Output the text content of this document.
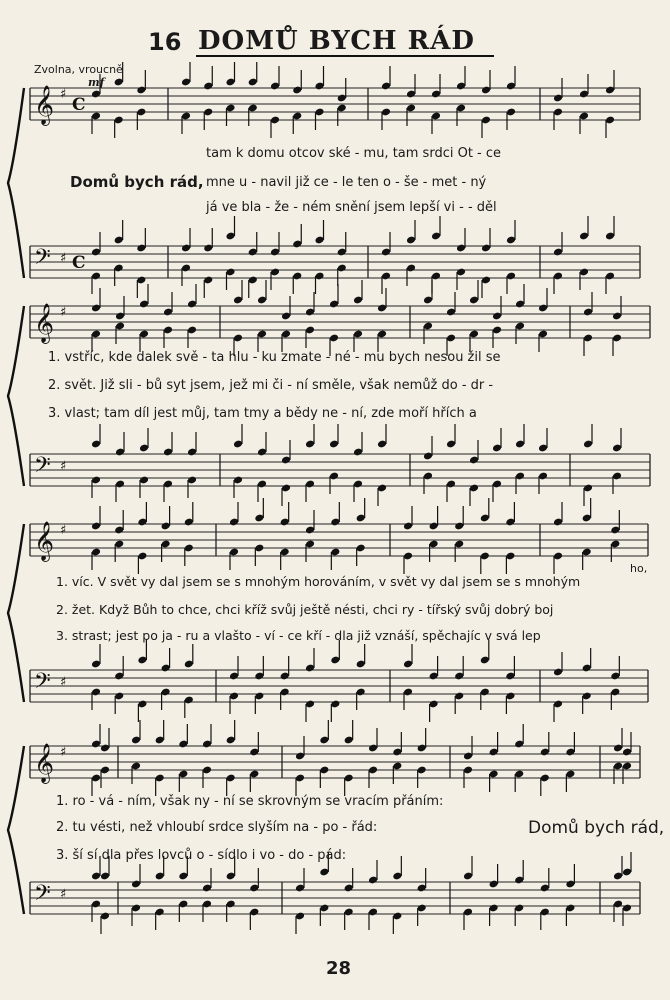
𝄞 ♯
C
𝄢 ♯ C
𝄞 ♯
𝄢 ♯
𝄞 ♯
𝄢 ♯
𝄞 ♯
𝄢 ♯
16 DOMŮ BYCH RÁD
Zvolna, vroucně
mf
tam k domu otcov ské - mu, tam srdci Ot - ce
Domů bych rád, mne u - navil již ce - le ten o - še - met - ný
já ve bla - že - ném snění jsem lepší vi - - děl
1. vstříc, kde dalek svě - ta hlu - ku zmate - né - mu bych nesou žil se
2. svět. Již sli - bů syt jsem, jež mi či - ní směle, však nemůž do - dr -
3. vlast; tam díl jest můj, tam tmy a bědy ne - ní, zde moří hřích a
1. víc. V svět vy dal jsem se s mnohým horováním, v svět vy dal jsem se s mnohým
ho,
2. žet. Když Bůh to chce, chci kříž svůj ještě nésti, chci ry - tířský svůj dobrý boj
3. strast; jest po ja - ru a vlašto - ví - ce kří - dla již vznáší, spěchajíc v svá lep
1. ro - vá - ním, však ny - ní se skrovným se vracím přáním:
2. tu vésti, než vhloubí srdce slyším na - po - řád:
3. ší sí dla přes lovců o - sídlo i vo - do - pád:
Domů bych rád,
28
